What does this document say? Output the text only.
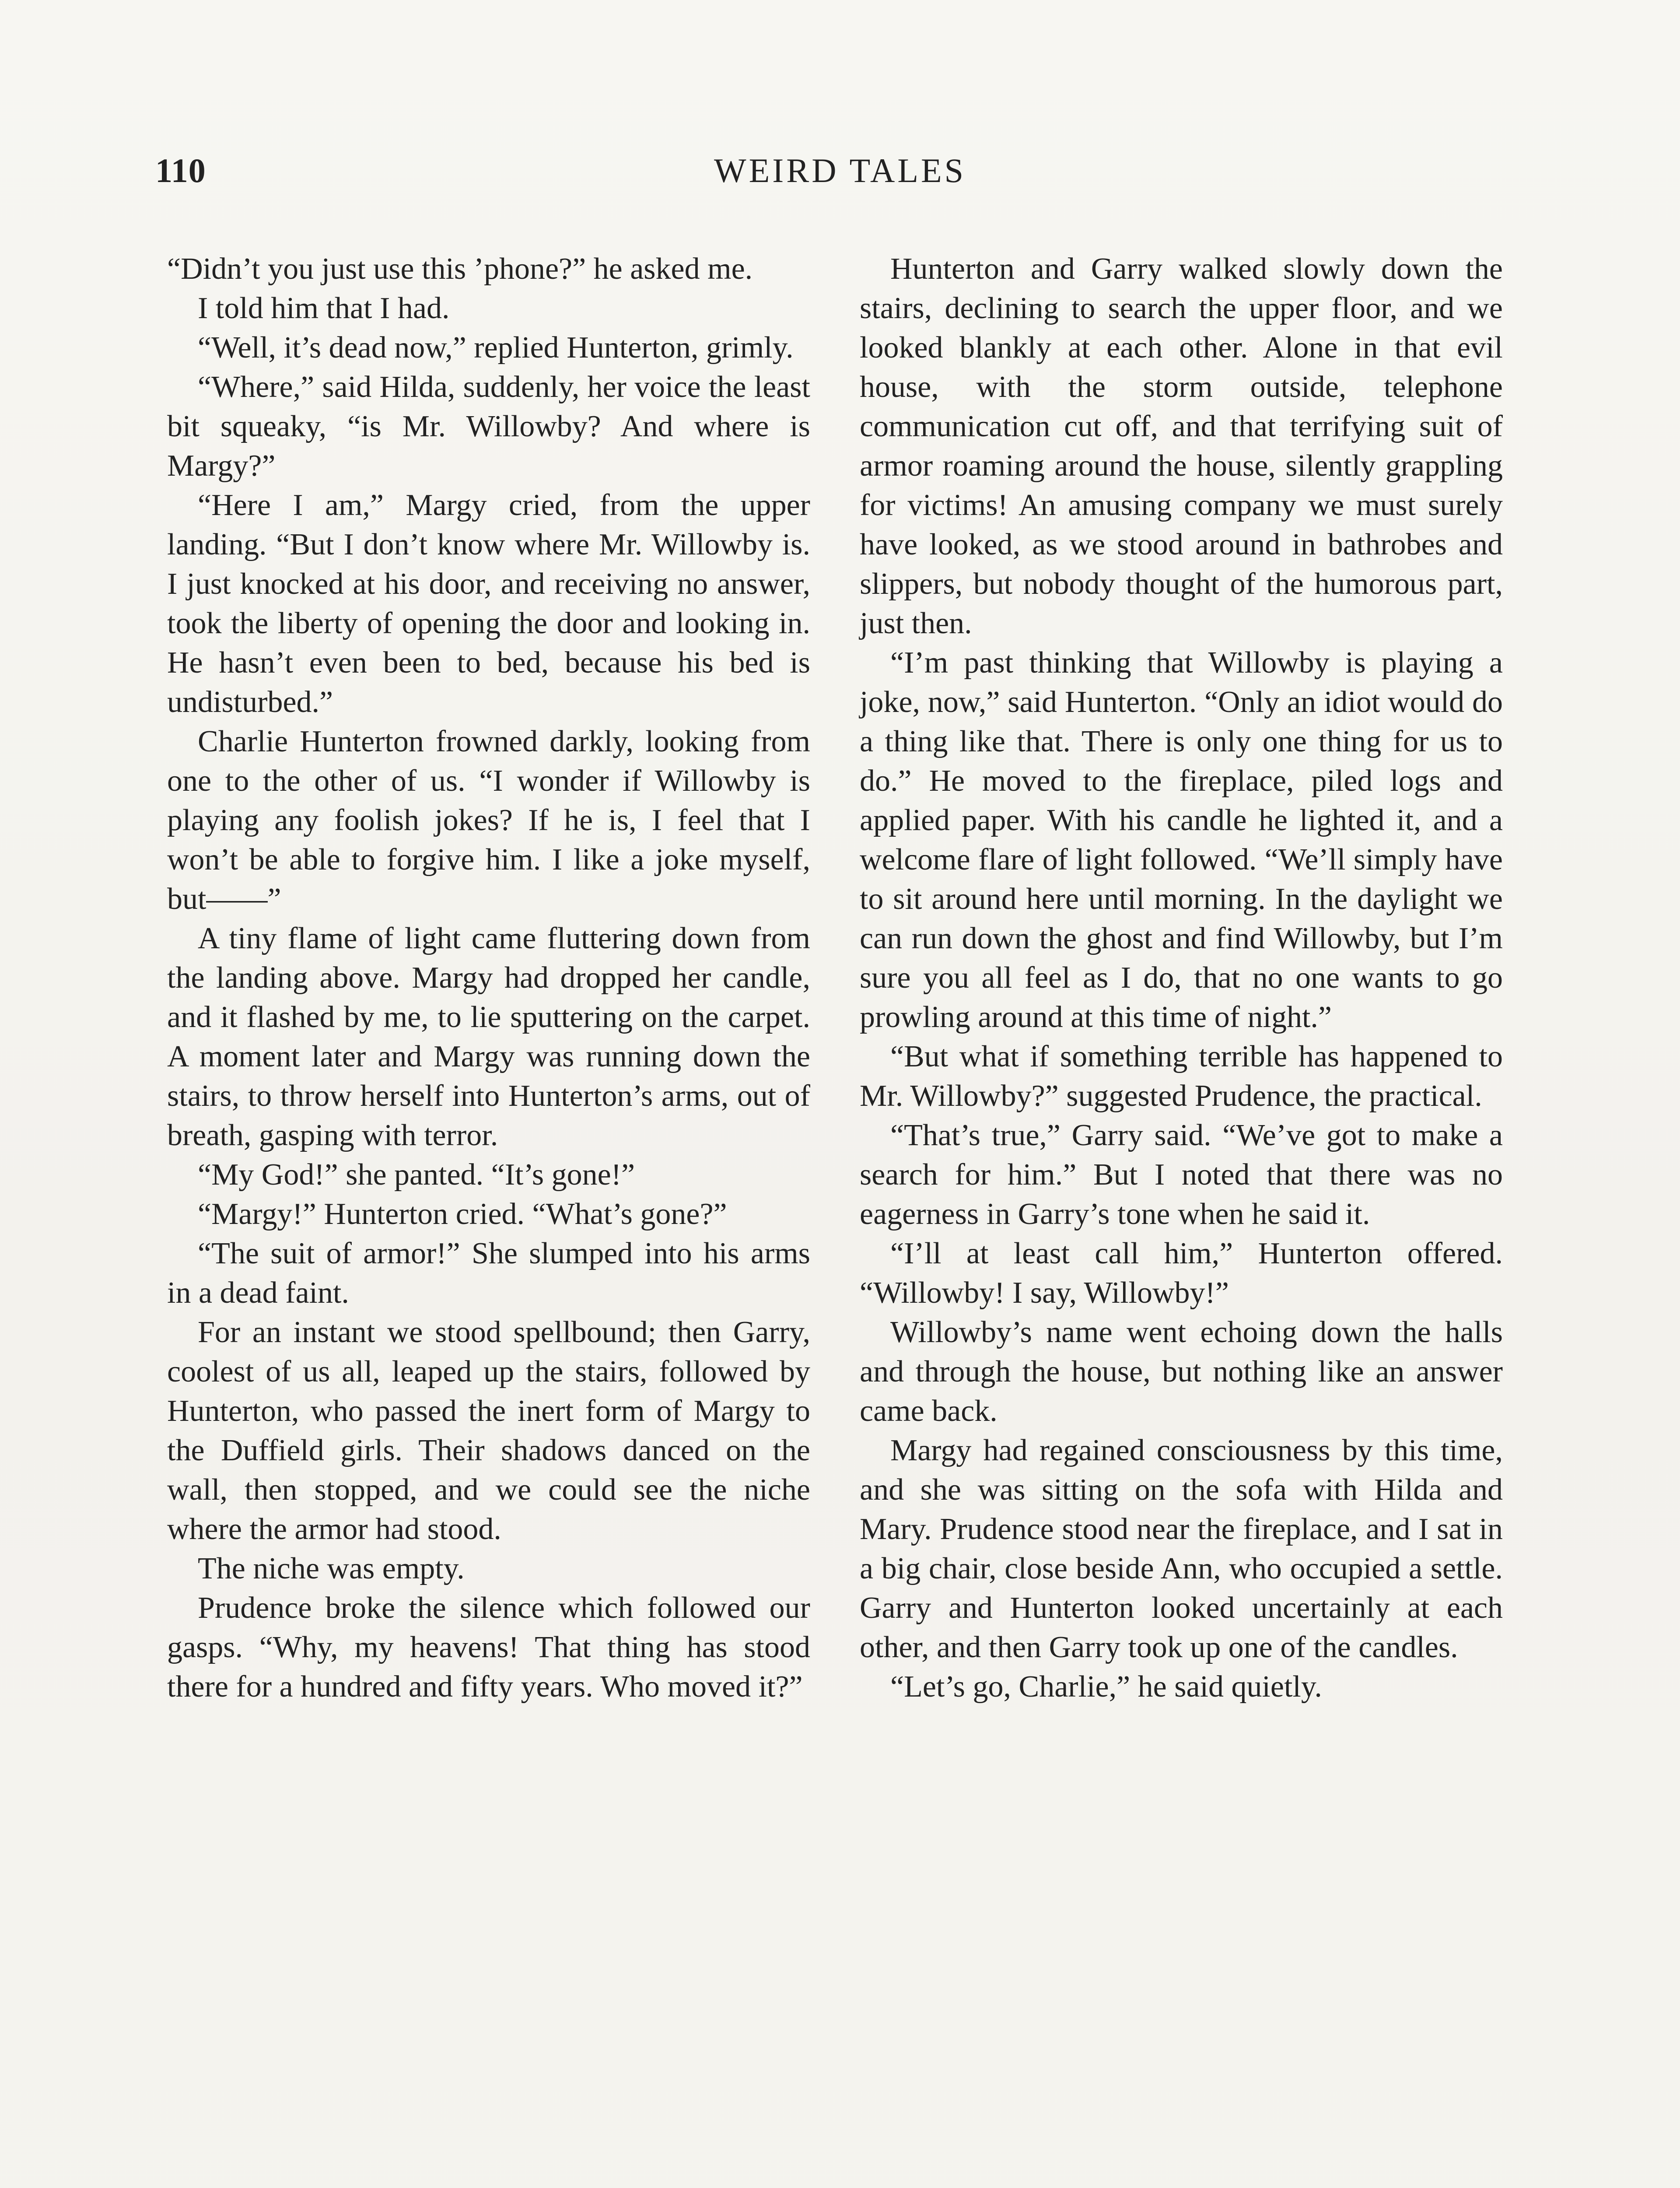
110	WEIRD TALES

“Didn’t you just use this ’phone?” he asked me.

I told him that I had.

“Well, it’s dead now,” replied Hunterton, grimly.

“Where,” said Hilda, suddenly, her voice the least bit squeaky, “is Mr. Willowby? And where is Margy?”

“Here I am,” Margy cried, from the upper landing. “But I don’t know where Mr. Willowby is. I just knocked at his door, and receiving no answer, took the liberty of opening the door and looking in. He hasn’t even been to bed, because his bed is undisturbed.”

Charlie Hunterton frowned darkly, looking from one to the other of us. “I wonder if Willowby is playing any foolish jokes? If he is, I feel that I won’t be able to forgive him. I like a joke myself, but——”

A tiny flame of light came fluttering down from the landing above. Margy had dropped her candle, and it flashed by me, to lie sputtering on the carpet. A moment later and Margy was running down the stairs, to throw herself into Hunterton’s arms, out of breath, gasping with terror.

“My God!” she panted. “It’s gone!”

“Margy!” Hunterton cried. “What’s gone?”

“The suit of armor!” She slumped into his arms in a dead faint.

For an instant we stood spellbound; then Garry, coolest of us all, leaped up the stairs, followed by Hunterton, who passed the inert form of Margy to the Duffield girls. Their shadows danced on the wall, then stopped, and we could see the niche where the armor had stood.

The niche was empty.

Prudence broke the silence which followed our gasps. “Why, my heavens! That thing has stood there for a hundred and fifty years. Who moved it?”

Hunterton and Garry walked slowly down the stairs, declining to search the upper floor, and we looked blankly at each other. Alone in that evil house, with the storm outside, telephone communication cut off, and that terrifying suit of armor roaming around the house, silently grappling for victims! An amusing company we must surely have looked, as we stood around in bathrobes and slippers, but nobody thought of the humorous part, just then.

“I’m past thinking that Willowby is playing a joke, now,” said Hunterton. “Only an idiot would do a thing like that. There is only one thing for us to do.” He moved to the fireplace, piled logs and applied paper. With his candle he lighted it, and a welcome flare of light followed. “We’ll simply have to sit around here until morning. In the daylight we can run down the ghost and find Willowby, but I’m sure you all feel as I do, that no one wants to go prowling around at this time of night.”

“But what if something terrible has happened to Mr. Willowby?” suggested Prudence, the practical.

“That’s true,” Garry said. “We’ve got to make a search for him.” But I noted that there was no eagerness in Garry’s tone when he said it.

“I’ll at least call him,” Hunterton offered. “Willowby! I say, Willowby!”

Willowby’s name went echoing down the halls and through the house, but nothing like an answer came back.

Margy had regained consciousness by this time, and she was sitting on the sofa with Hilda and Mary. Prudence stood near the fireplace, and I sat in a big chair, close beside Ann, who occupied a settle. Garry and Hunterton looked uncertainly at each other, and then Garry took up one of the candles.

“Let’s go, Charlie,” he said quietly.
